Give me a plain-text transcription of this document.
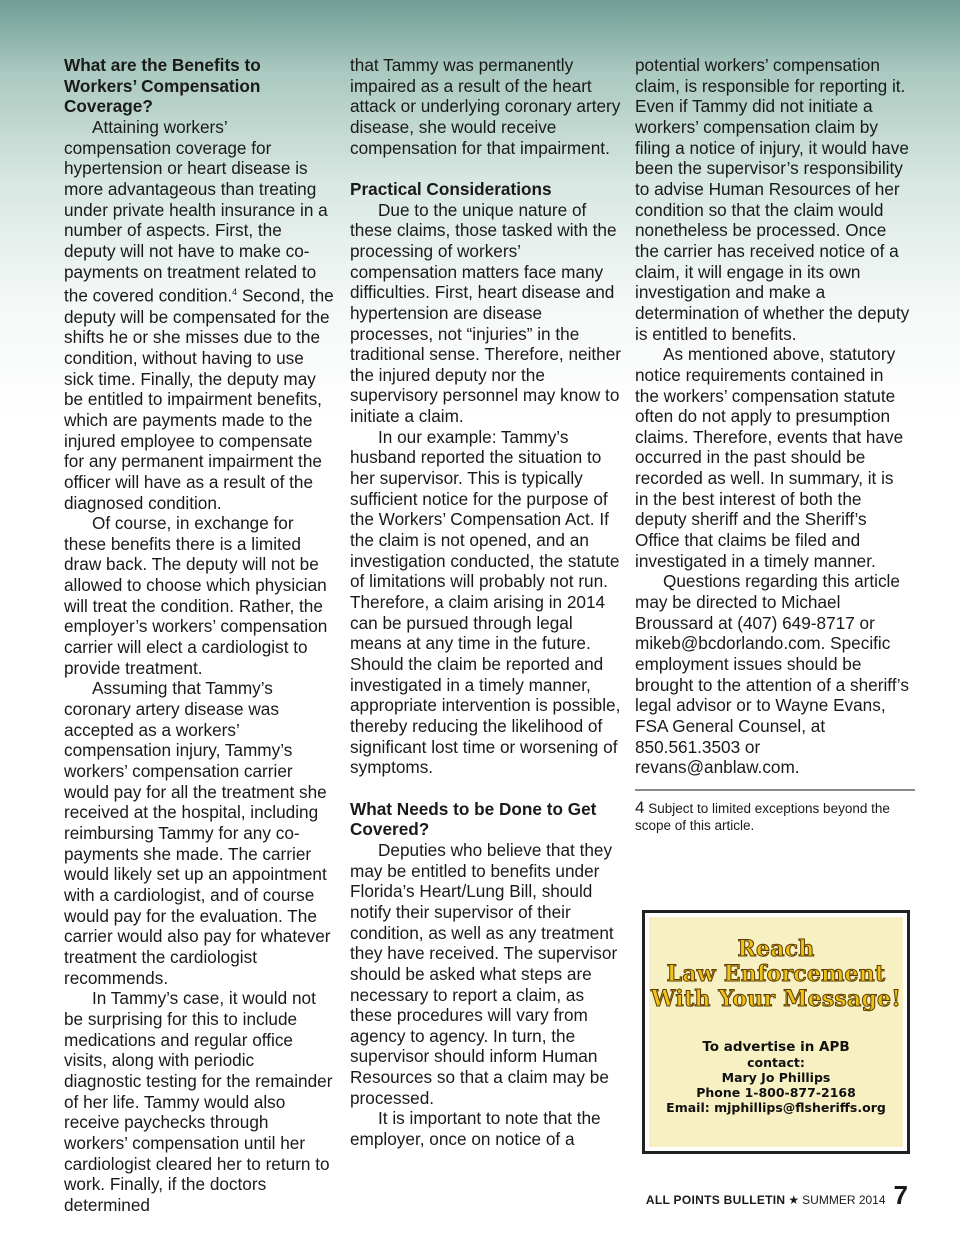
What are the Benefits to Workers’ Compensation Coverage?

Attaining workers’ compensation coverage for hypertension or heart disease is more advantageous than treating under private health insurance in a number of aspects. First, the deputy will not have to make co-payments on treatment related to the covered condition.$^4$ Second, the deputy will be compensated for the shifts he or she misses due to the condition, without having to use sick time. Finally, the deputy may be entitled to impairment benefits, which are payments made to the injured employee to compensate for any permanent impairment the officer will have as a result of the diagnosed condition.

Of course, in exchange for these benefits there is a limited draw back. The deputy will not be allowed to choose which physician will treat the condition. Rather, the employer’s workers’ compensation carrier will elect a cardiologist to provide treatment.

Assuming that Tammy’s coronary artery disease was accepted as a workers’ compensation injury, Tammy’s workers’ compensation carrier would pay for all the treatment she received at the hospital, including reimbursing Tammy for any co-payments she made. The carrier would likely set up an appointment with a cardiologist, and of course would pay for the evaluation. The carrier would also pay for whatever treatment the cardiologist recommends.

In Tammy’s case, it would not be surprising for this to include medications and regular office visits, along with periodic diagnostic testing for the remainder of her life. Tammy would also receive paychecks through workers’ compensation until her cardiologist cleared her to return to work. Finally, if the doctors determined

that Tammy was permanently impaired as a result of the heart attack or underlying coronary artery disease, she would receive compensation for that impairment.

Practical Considerations

Due to the unique nature of these claims, those tasked with the processing of workers’ compensation matters face many difficulties. First, heart disease and hypertension are disease processes, not “injuries” in the traditional sense. Therefore, neither the injured deputy nor the supervisory personnel may know to initiate a claim.

In our example: Tammy’s husband reported the situation to her supervisor. This is typically sufficient notice for the purpose of the Workers’ Compensation Act. If the claim is not opened, and an investigation conducted, the statute of limitations will probably not run. Therefore, a claim arising in 2014 can be pursued through legal means at any time in the future. Should the claim be reported and investigated in a timely manner, appropriate intervention is possible, thereby reducing the likelihood of significant lost time or worsening of symptoms.

What Needs to be Done to Get Covered?

Deputies who believe that they may be entitled to benefits under Florida’s Heart/Lung Bill, should notify their supervisor of their condition, as well as any treatment they have received. The supervisor should be asked what steps are necessary to report a claim, as these procedures will vary from agency to agency. In turn, the supervisor should inform Human Resources so that a claim may be processed.

It is important to note that the employer, once on notice of a

potential workers’ compensation claim, is responsible for reporting it. Even if Tammy did not initiate a workers’ compensation claim by filing a notice of injury, it would have been the supervisor’s responsibility to advise Human Resources of her condition so that the claim would nonetheless be processed. Once the carrier has received notice of a claim, it will engage in its own investigation and make a determination of whether the deputy is entitled to benefits.

As mentioned above, statutory notice requirements contained in the workers’ compensation statute often do not apply to presumption claims. Therefore, events that have occurred in the past should be recorded as well. In summary, it is in the best interest of both the deputy sheriff and the Sheriff’s Office that claims be filed and investigated in a timely manner.

Questions regarding this article may be directed to Michael Broussard at (407) 649-8717 or mikeb@bcdorlando.com. Specific employment issues should be brought to the attention of a sheriff’s legal advisor or to Wayne Evans, FSA General Counsel, at 850.561.3503 or revans@anblaw.com.

4 Subject to limited exceptions beyond the scope of this article.

Reach
Law Enforcement
With Your Message!
To advertise in APB
contact:
Mary Jo Phillips
Phone 1-800-877-2168
Email: mjphillips@flsheriffs.org
ALL POINTS BULLETIN ★ SUMMER 2014 7
